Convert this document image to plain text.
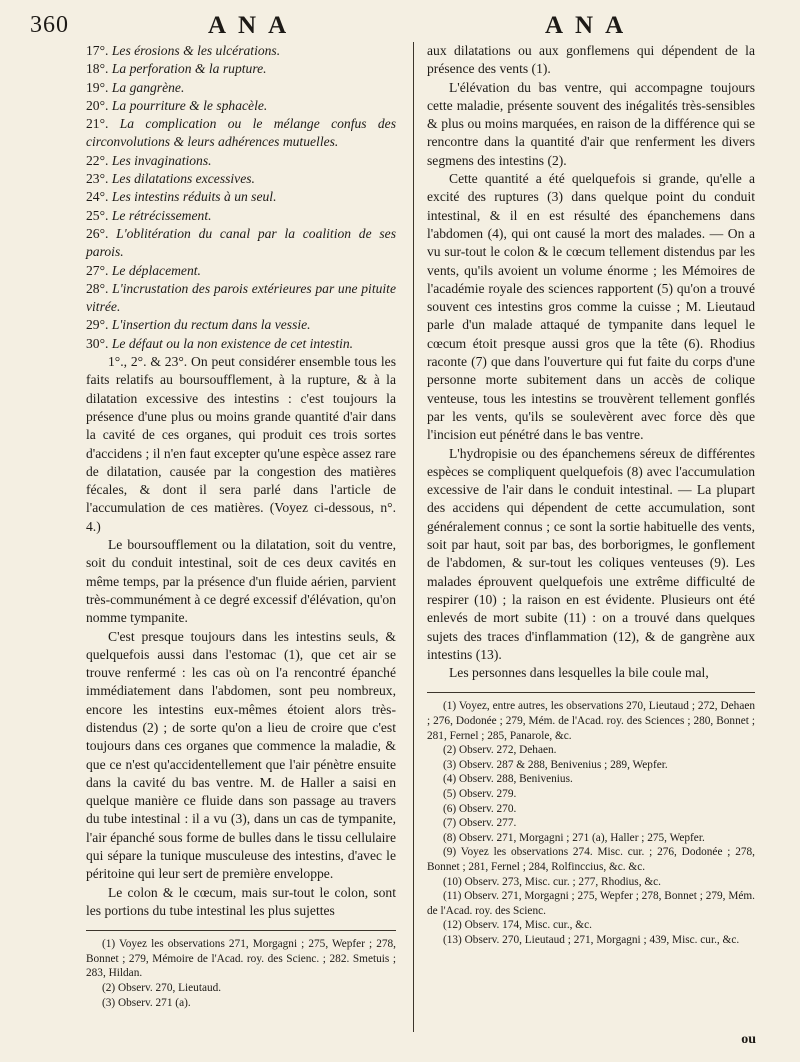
360	ANA	ANA

17°. Les érosions & les ulcérations.

18°. La perforation & la rupture.

19°. La gangrène.

20°. La pourriture & le sphacèle.

21°. La complication ou le mélange confus des circonvolutions & leurs adhérences mutuelles.

22°. Les invaginations.

23°. Les dilatations excessives.

24°. Les intestins réduits à un seul.

25°. Le rétrécissement.

26°. L'oblitération du canal par la coalition de ses parois.

27°. Le déplacement.

28°. L'incrustation des parois extérieures par une pituite vitrée.

29°. L'insertion du rectum dans la vessie.

30°. Le défaut ou la non existence de cet intestin.

1°., 2°. & 23°. On peut considérer ensemble tous les faits relatifs au boursoufflement, à la rupture, & à la dilatation excessive des intestins : c'est toujours la présence d'une plus ou moins grande quantité d'air dans la cavité de ces organes, qui produit ces trois sortes d'accidens ; il n'en faut excepter qu'une espèce assez rare de dilatation, causée par la congestion des matières fécales, & dont il sera parlé dans l'article de l'accumulation de ces matières. (Voyez ci-dessous, n°. 4.)

Le boursoufflement ou la dilatation, soit du ventre, soit du conduit intestinal, soit de ces deux cavités en même temps, par la présence d'un fluide aérien, parvient très-communément à ce degré excessif d'élévation, qu'on nomme tympanite.

C'est presque toujours dans les intestins seuls, & quelquefois aussi dans l'estomac (1), que cet air se trouve renfermé : les cas où on l'a rencontré épanché immédiatement dans l'abdomen, sont peu nombreux, encore les intestins eux-mêmes étoient alors très-distendus (2) ; de sorte qu'on a lieu de croire que c'est toujours dans ces organes que commence la maladie, & que ce n'est qu'accidentellement que l'air pénètre ensuite dans la cavité du bas ventre. M. de Haller a saisi en quelque manière ce fluide dans son passage au travers du tube intestinal : il a vu (3), dans un cas de tympanite, l'air épanché sous forme de bulles dans le tissu cellulaire qui sépare la tunique musculeuse des intestins, d'avec le péritoine qui leur sert de première enveloppe.

Le colon & le cœcum, mais sur-tout le colon, sont les portions du tube intestinal les plus sujettes

(1) Voyez les observations 271, Morgagni ; 275, Wepfer ; 278, Bonnet ; 279, Mémoire de l'Acad. roy. des Scienc. ; 282. Smetuis ; 283, Hildan.

(2) Observ. 270, Lieutaud.

(3) Observ. 271 (a).

aux dilatations ou aux gonflemens qui dépendent de la présence des vents (1).

L'élévation du bas ventre, qui accompagne toujours cette maladie, présente souvent des inégalités très-sensibles & plus ou moins marquées, en raison de la différence qui se rencontre dans la quantité d'air que renferment les divers segmens des intestins (2).

Cette quantité a été quelquefois si grande, qu'elle a excité des ruptures (3) dans quelque point du conduit intestinal, & il en est résulté des épanchemens dans l'abdomen (4), qui ont causé la mort des malades. — On a vu sur-tout le colon & le cœcum tellement distendus par les vents, qu'ils avoient un volume énorme ; les Mémoires de l'académie royale des sciences rapportent (5) qu'on a trouvé souvent ces intestins gros comme la cuisse ; M. Lieutaud parle d'un malade attaqué de tympanite dans lequel le cœcum étoit presque aussi gros que la tête (6). Rhodius raconte (7) que dans l'ouverture qui fut faite du corps d'une personne morte subitement dans un accès de colique venteuse, tous les intestins se trouvèrent tellement gonflés par les vents, qu'ils se soulevèrent avec force dès que l'incision eut pénétré dans le bas ventre.

L'hydropisie ou des épanchemens séreux de différentes espèces se compliquent quelquefois (8) avec l'accumulation excessive de l'air dans le conduit intestinal. — La plupart des accidens qui dépendent de cette accumulation, sont généralement connus ; ce sont la sortie habituelle des vents, soit par haut, soit par bas, des borborigmes, le gonflement de l'abdomen, & sur-tout les coliques venteuses (9). Les malades éprouvent quelquefois une extrême difficulté de respirer (10) ; la raison en est évidente. Plusieurs ont été enlevés de mort subite (11) : on a trouvé dans quelques sujets des traces d'inflammation (12), & de gangrène aux intestins (13).

Les personnes dans lesquelles la bile coule mal,

(1) Voyez, entre autres, les observations 270, Lieutaud ; 272, Dehaen ; 276, Dodonée ; 279, Mém. de l'Acad. roy. des Sciences ; 280, Bonnet ; 281, Fernel ; 285, Panarole, &c.

(2) Observ. 272, Dehaen.

(3) Observ. 287 & 288, Benivenius ; 289, Wepfer.

(4) Observ. 288, Benivenius.

(5) Observ. 279.

(6) Observ. 270.

(7) Observ. 277.

(8) Observ. 271, Morgagni ; 271 (a), Haller ; 275, Wepfer.

(9) Voyez les observations 274. Misc. cur. ; 276, Dodonée ; 278, Bonnet ; 281, Fernel ; 284, Rolfinccius, &c. &c.

(10) Observ. 273, Misc. cur. ; 277, Rhodius, &c.

(11) Observ. 271, Morgagni ; 275, Wepfer ; 278, Bonnet ; 279, Mém. de l'Acad. roy. des Scienc.

(12) Observ. 174, Misc. cur., &c.

(13) Observ. 270, Lieutaud ; 271, Morgagni ; 439, Misc. cur., &c.

ou
